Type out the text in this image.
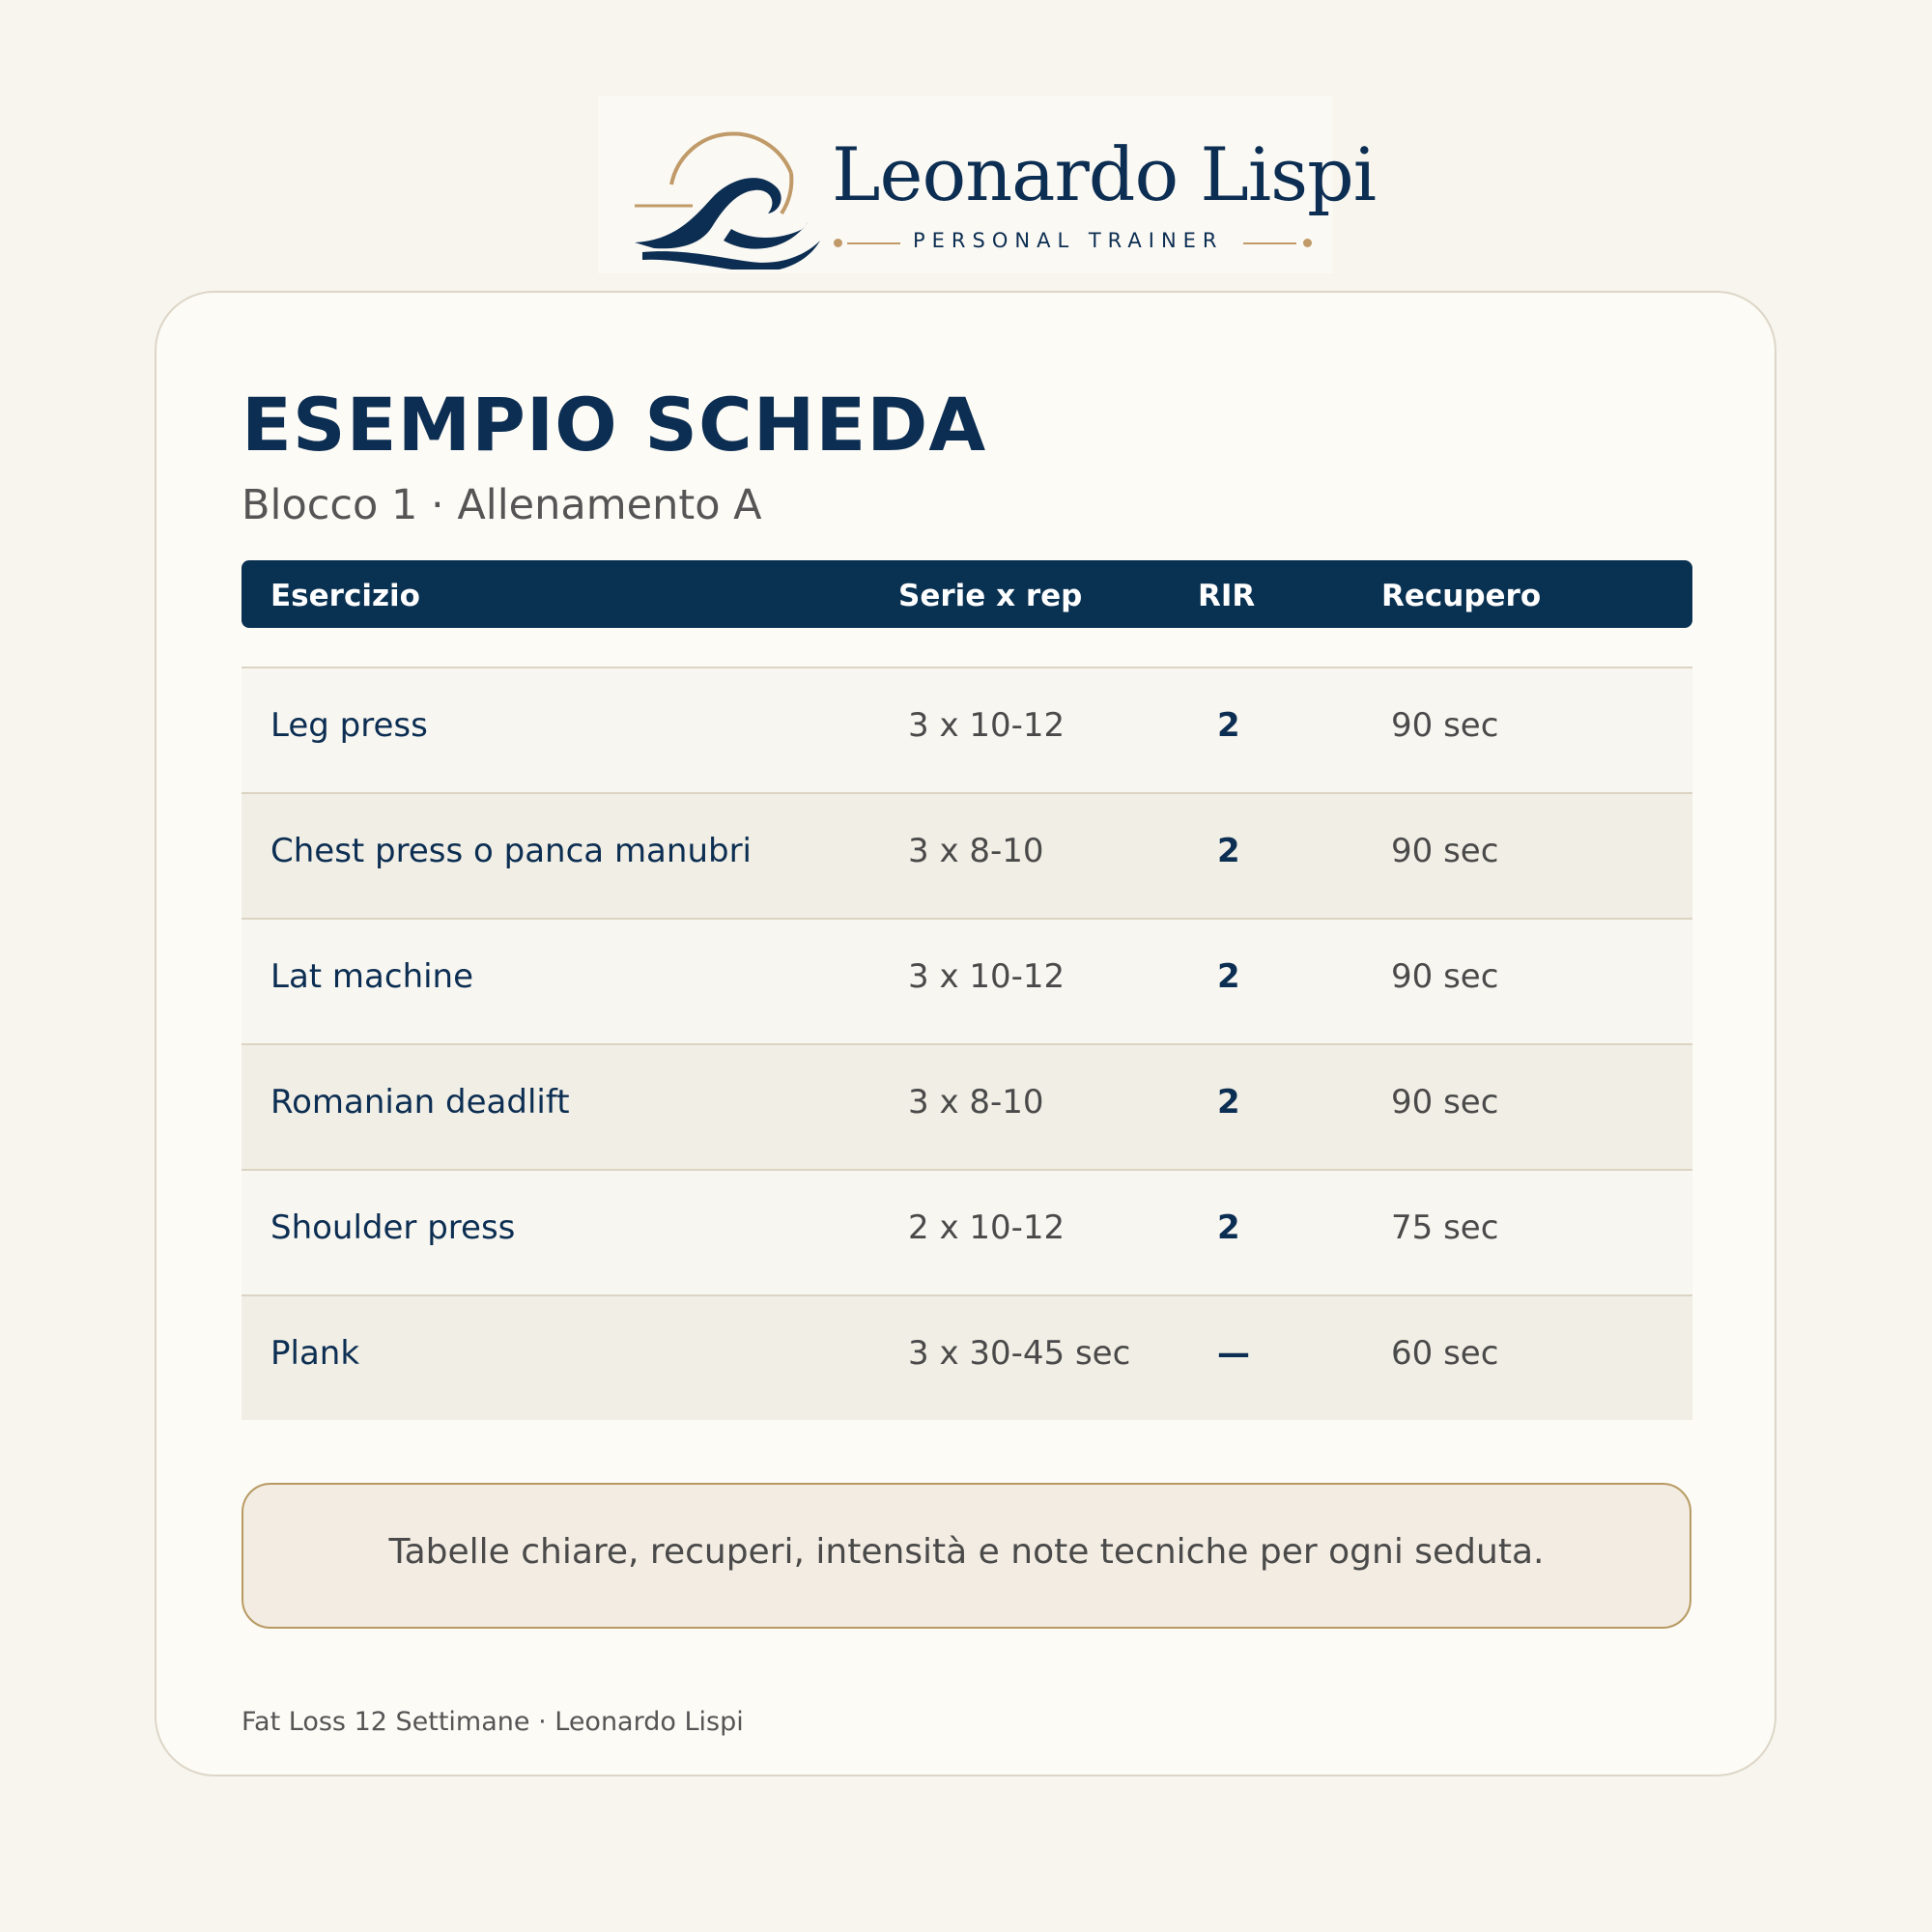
Leonardo Lispi
PERSONAL TRAINER
ESEMPIO SCHEDA
Blocco 1 · Allenamento A
Esercizio	Serie x rep	RIR	Recupero
Leg press	3 x 10-12	2	90 sec
Chest press o panca manubri	3 x 8-10	2	90 sec
Lat machine	3 x 10-12	2	90 sec
Romanian deadlift	3 x 8-10	2	90 sec
Shoulder press	2 x 10-12	2	75 sec
Plank	3 x 30-45 sec	—	60 sec
Tabelle chiare, recuperi, intensità e note tecniche per ogni seduta.
Fat Loss 12 Settimane · Leonardo Lispi
